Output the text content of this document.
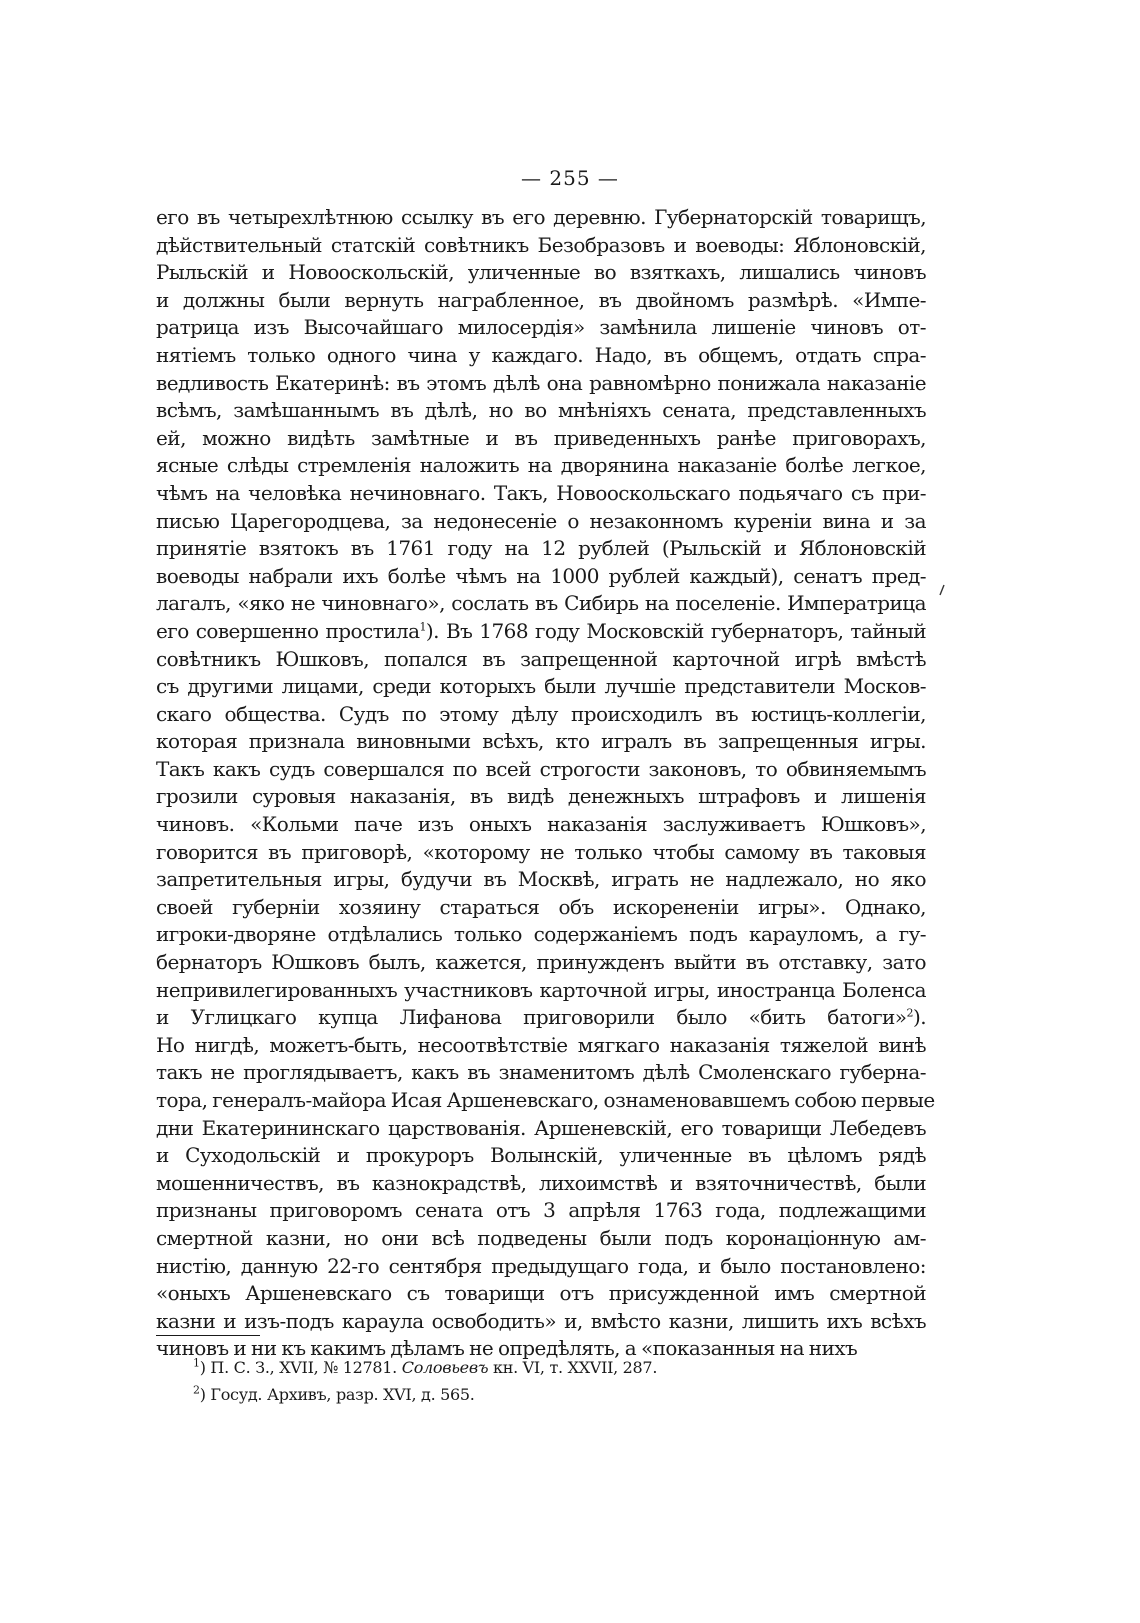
— 255 —
его въ четырехлѣтнюю ссылку въ его деревню. Губернаторскій товарищъ,
дѣйствительный статскій совѣтникъ Безобразовъ и воеводы: Яблоновскій,
Рыльскій и Новооскольскій, уличенные во взяткахъ, лишались чиновъ
и должны были вернуть награбленное, въ двойномъ размѣрѣ. «Импе-
ратрица изъ Высочайшаго милосердія» замѣнила лишеніе чиновъ от-
нятіемъ только одного чина у каждаго. Надо, въ общемъ, отдать спра-
ведливость Екатеринѣ: въ этомъ дѣлѣ она равномѣрно понижала наказаніе
всѣмъ, замѣшаннымъ въ дѣлѣ, но во мнѣніяхъ сената, представленныхъ
ей, можно видѣть замѣтные и въ приведенныхъ ранѣе приговорахъ,
ясные слѣды стремленія наложить на дворянина наказаніе болѣе легкое,
чѣмъ на человѣка нечиновнаго. Такъ, Новооскольскаго подьячаго съ при-
писью Царегородцева, за недонесеніе о незаконномъ куреніи вина и за
принятіе взятокъ въ 1761 году на 12 рублей (Рыльскій и Яблоновскій
воеводы набрали ихъ болѣе чѣмъ на 1000 рублей каждый), сенатъ пред-
лагалъ, «яко не чиновнаго», сослать въ Сибирь на поселеніе. Императрица
его совершенно простила$^1$). Въ 1768 году Московскій губернаторъ, тайный
совѣтникъ Юшковъ, попался въ запрещенной карточной игрѣ вмѣстѣ
съ другими лицами, среди которыхъ были лучшіе представители Москов-
скаго общества. Судъ по этому дѣлу происходилъ въ юстицъ-коллегіи,
которая признала виновными всѣхъ, кто игралъ въ запрещенныя игры.
Такъ какъ судъ совершался по всей строгости законовъ, то обвиняемымъ
грозили суровыя наказанія, въ видѣ денежныхъ штрафовъ и лишенія
чиновъ. «Кольми паче изъ оныхъ наказанія заслуживаетъ Юшковъ»,
говорится въ приговорѣ, «которому не только чтобы самому въ таковыя
запретительныя игры, будучи въ Москвѣ, играть не надлежало, но яко
своей губерніи хозяину стараться объ искорененіи игры». Однако,
игроки-дворяне отдѣлались только содержаніемъ подъ карауломъ, а гу-
бернаторъ Юшковъ былъ, кажется, принужденъ выйти въ отставку, зато
непривилегированныхъ участниковъ карточной игры, иностранца Боленса
и Углицкаго купца Лифанова приговорили было «бить батоги»$^2$).
Но нигдѣ, можетъ-быть, несоотвѣтствіе мягкаго наказанія тяжелой винѣ
такъ не проглядываетъ, какъ въ знаменитомъ дѣлѣ Смоленскаго губерна-
тора, генералъ-майора Исая Аршеневскаго, ознаменовавшемъ собою первые
дни Екатерининскаго царствованія. Аршеневскій, его товарищи Лебедевъ
и Суходольскій и прокуроръ Волынскій, уличенные въ цѣломъ рядѣ
мошенничествъ, въ казнокрадствѣ, лихоимствѣ и взяточничествѣ, были
признаны приговоромъ сената отъ 3 апрѣля 1763 года, подлежащими
смертной казни, но они всѣ подведены были подъ коронаціонную ам-
нистію, данную 22-го сентября предыдущаго года, и было постановлено:
«оныхъ Аршеневскаго съ товарищи отъ присужденной имъ смертной
казни и изъ-подъ караула освободить» и, вмѣсто казни, лишить ихъ всѣхъ
чиновъ и ни къ какимъ дѣламъ не опредѣлять, а «показанныя на нихъ
$^1$) П. С. З., XVII, № 12781. Соловьевъ кн. VI, т. XXVII, 287.
$^2$) Госуд. Архивъ, разр. XVI, д. 565.
